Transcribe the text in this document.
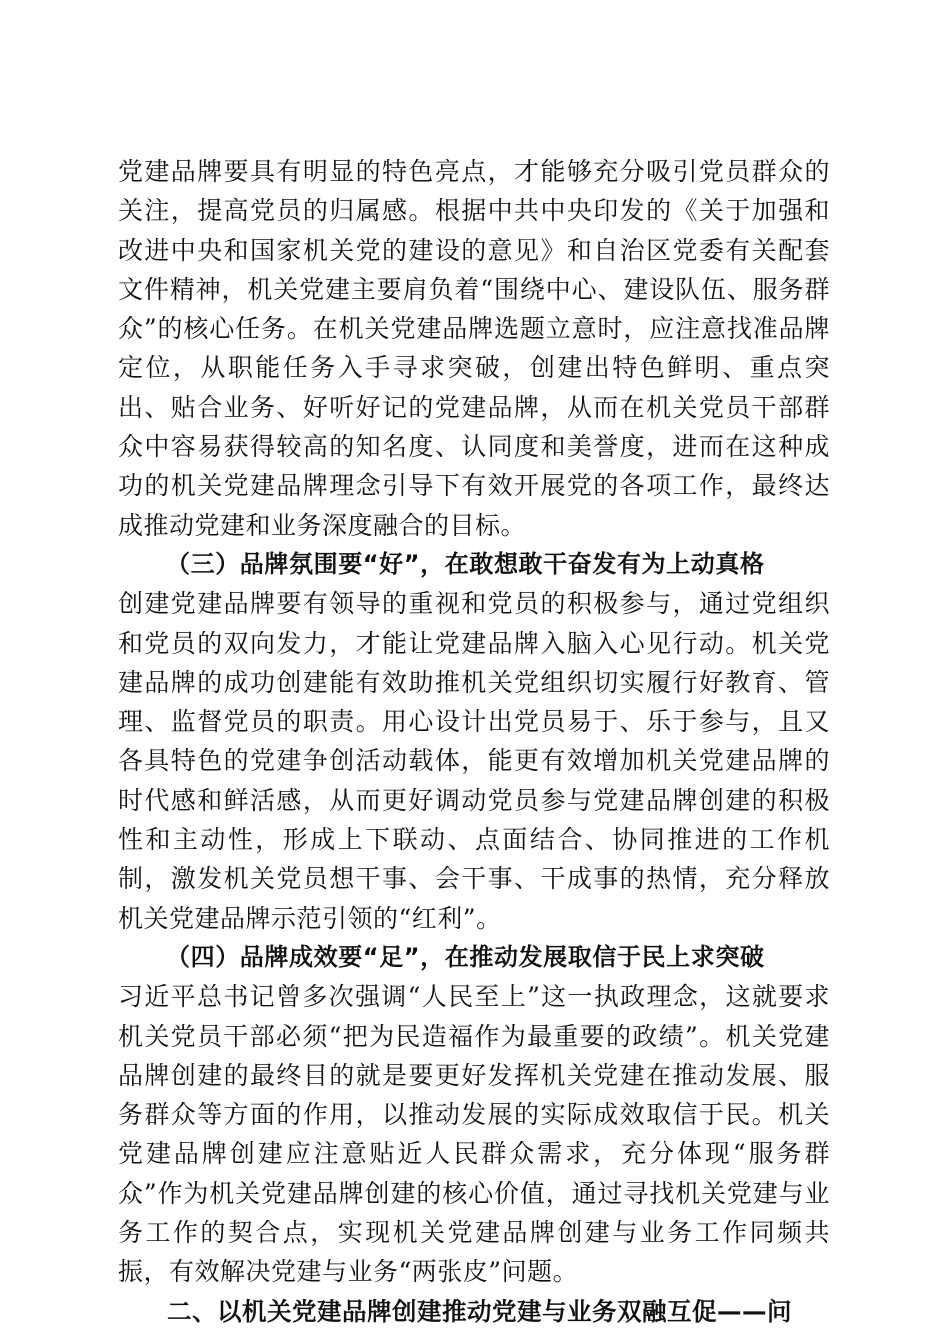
党建品牌要具有明显的特色亮点，才能够充分吸引党员群众的关注，提高党员的归属感。根据中共中央印发的《关于加强和改进中央和国家机关党的建设的意见》和自治区党委有关配套文件精神，机关党建主要肩负着“围绕中心、建设队伍、服务群众”的核心任务。在机关党建品牌选题立意时，应注意找准品牌定位，从职能任务入手寻求突破，创建出特色鲜明、重点突出、贴合业务、好听好记的党建品牌，从而在机关党员干部群众中容易获得较高的知名度、认同度和美誉度，进而在这种成功的机关党建品牌理念引导下有效开展党的各项工作，最终达成推动党建和业务深度融合的目标。

（三）品牌氛围要“好”，在敢想敢干奋发有为上动真格

创建党建品牌要有领导的重视和党员的积极参与，通过党组织和党员的双向发力，才能让党建品牌入脑入心见行动。机关党建品牌的成功创建能有效助推机关党组织切实履行好教育、管理、监督党员的职责。用心设计出党员易于、乐于参与，且又各具特色的党建争创活动载体，能更有效增加机关党建品牌的时代感和鲜活感，从而更好调动党员参与党建品牌创建的积极性和主动性，形成上下联动、点面结合、协同推进的工作机制，激发机关党员想干事、会干事、干成事的热情，充分释放机关党建品牌示范引领的“红利”。

（四）品牌成效要“足”，在推动发展取信于民上求突破

习近平总书记曾多次强调“人民至上”这一执政理念，这就要求机关党员干部必须“把为民造福作为最重要的政绩”。机关党建品牌创建的最终目的就是要更好发挥机关党建在推动发展、服务群众等方面的作用，以推动发展的实际成效取信于民。机关党建品牌创建应注意贴近人民群众需求，充分体现“服务群众”作为机关党建品牌创建的核心价值，通过寻找机关党建与业务工作的契合点，实现机关党建品牌创建与业务工作同频共振，有效解决党建与业务“两张皮”问题。

二、以机关党建品牌创建推动党建与业务双融互促——问
